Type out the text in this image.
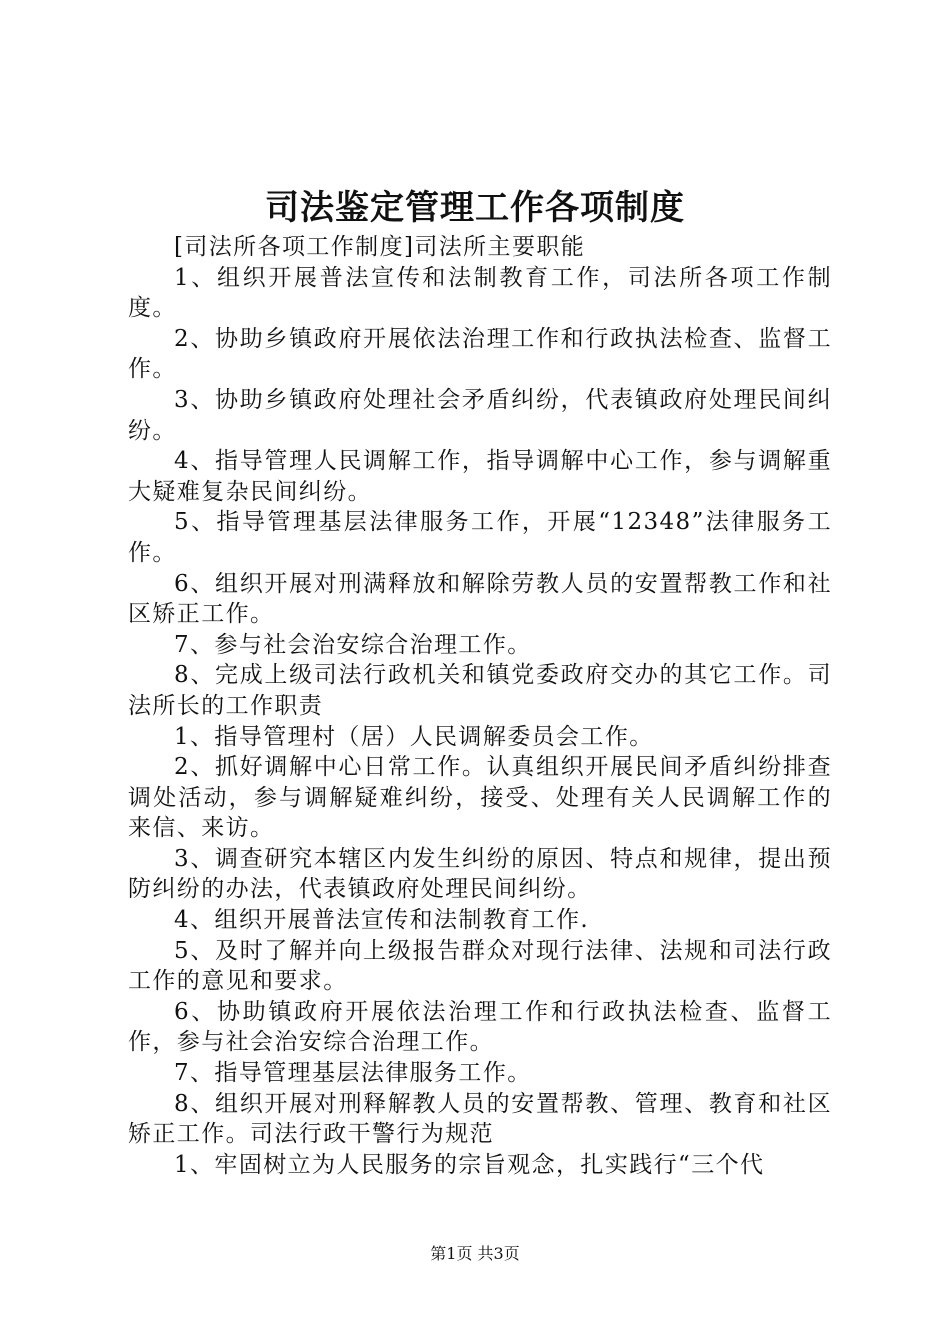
司法鉴定管理工作各项制度

[司法所各项工作制度]司法所主要职能

1、组织开展普法宣传和法制教育工作，司法所各项工作制度。

2、协助乡镇政府开展依法治理工作和行政执法检查、监督工作。

3、协助乡镇政府处理社会矛盾纠纷，代表镇政府处理民间纠纷。

4、指导管理人民调解工作，指导调解中心工作，参与调解重大疑难复杂民间纠纷。

5、指导管理基层法律服务工作，开展“12348”法律服务工作。

6、组织开展对刑满释放和解除劳教人员的安置帮教工作和社区矫正工作。

7、参与社会治安综合治理工作。

8、完成上级司法行政机关和镇党委政府交办的其它工作。司法所长的工作职责

1、指导管理村（居）人民调解委员会工作。

2、抓好调解中心日常工作。认真组织开展民间矛盾纠纷排查调处活动，参与调解疑难纠纷，接受、处理有关人民调解工作的来信、来访。

3、调查研究本辖区内发生纠纷的原因、特点和规律，提出预防纠纷的办法，代表镇政府处理民间纠纷。

4、组织开展普法宣传和法制教育工作.

5、及时了解并向上级报告群众对现行法律、法规和司法行政工作的意见和要求。

6、协助镇政府开展依法治理工作和行政执法检查、监督工作，参与社会治安综合治理工作。

7、指导管理基层法律服务工作。

8、组织开展对刑释解教人员的安置帮教、管理、教育和社区矫正工作。司法行政干警行为规范

1、牢固树立为人民服务的宗旨观念，扎实践行“三个代

第1页 共3页
